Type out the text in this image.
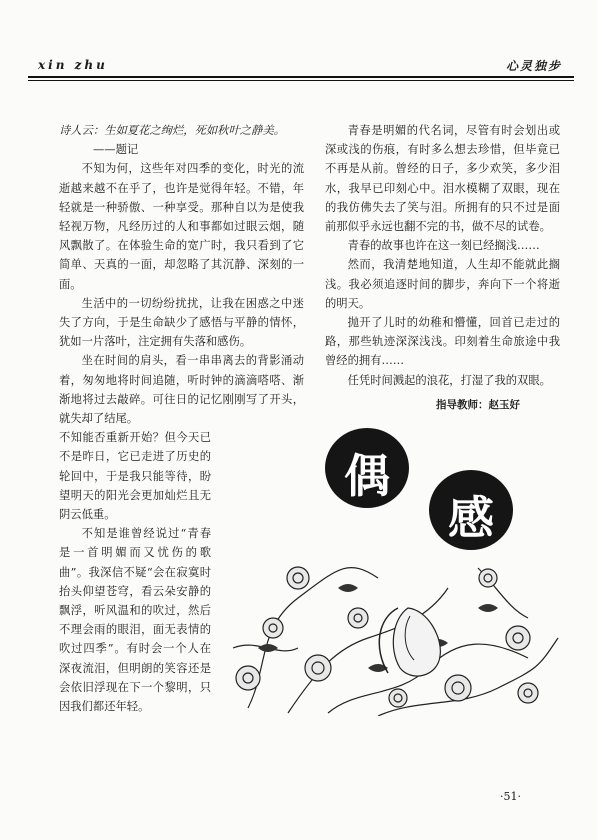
xin zhu	心灵独步

诗人云：生如夏花之绚烂，死如秋叶之静美。

——题记

不知为何，这些年对四季的变化，时光的流逝越来越不在乎了，也许是觉得年轻。不错，年轻就是一种骄傲、一种享受。那种自以为是使我轻视万物，凡经历过的人和事都如过眼云烟，随风飘散了。在体验生命的宽广时，我只看到了它简单、天真的一面，却忽略了其沉静、深刻的一面。

生活中的一切纷纷扰扰，让我在困惑之中迷失了方向，于是生命缺少了感悟与平静的情怀，犹如一片落叶，注定拥有失落和感伤。

坐在时间的肩头，看一串串离去的背影涌动着，匆匆地将时间追随，听时钟的滴滴嗒嗒、渐渐地将过去敲碎。可往日的记忆刚刚写了开头，就失却了结尾。

不知能否重新开始？但今天已不是昨日，它已走进了历史的轮回中，于是我只能等待，盼望明天的阳光会更加灿烂且无阴云低重。

不知是谁曾经说过“青春是一首明媚而又忧伤的歌曲”。我深信不疑“会在寂寞时抬头仰望苍穹，看云朵安静的飘浮，听风温和的吹过，然后不理会雨的眼泪，面无表情的吹过四季”。有时会一个人在深夜流泪，但明朗的笑容还是会依旧浮现在下一个黎明，只因我们都还年轻。

青春是明媚的代名词，尽管有时会划出或深或浅的伤痕，有时多么想去珍惜，但毕竟已不再是从前。曾经的日子，多少欢笑，多少泪水，我早已印刻心中。泪水模糊了双眼，现在的我仿佛失去了笑与泪。所拥有的只不过是面前那似乎永远也翻不完的书，做不尽的试卷。

青春的故事也许在这一刻已经搁浅……

然而，我清楚地知道，人生却不能就此搁浅。我必须追逐时间的脚步，奔向下一个将逝的明天。

抛开了儿时的幼稚和懵懂，回首已走过的路，那些轨迹深深浅浅。印刻着生命旅途中我曾经的拥有……

任凭时间溅起的浪花，打湿了我的双眼。

指导教师：赵玉好
偶
感
·51·
